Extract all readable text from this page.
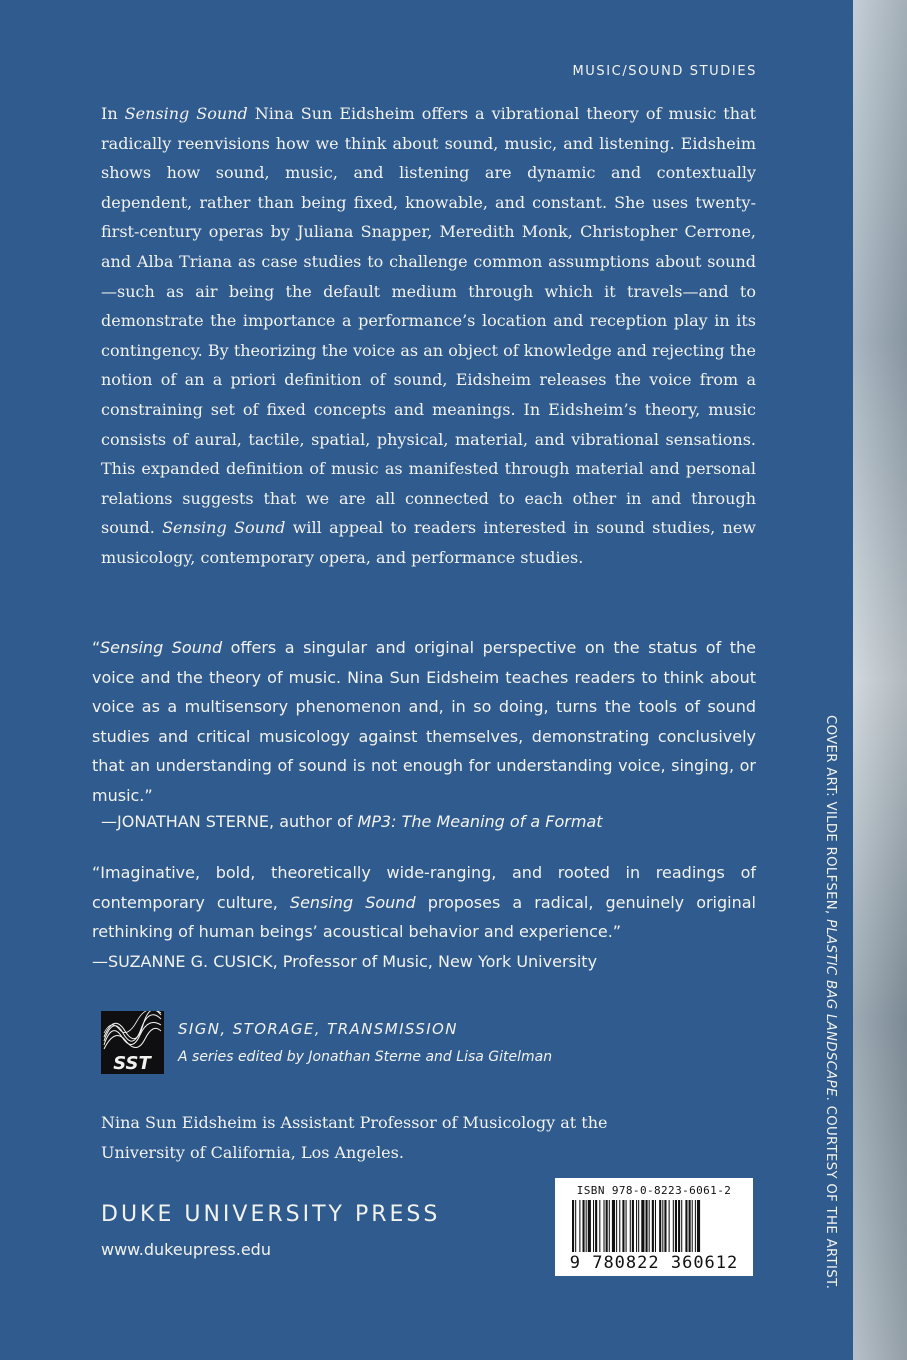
MUSIC/SOUND STUDIES

In Sensing Sound Nina Sun Eidsheim offers a vibrational theory of music that radically reenvisions how we think about sound, music, and listening. Eidsheim shows how sound, music, and listening are dynamic and contextually dependent, rather than being fixed, knowable, and constant. She uses twenty-first-century operas by Juliana Snapper, Meredith Monk, Christopher Cerrone, and Alba Triana as case studies to challenge common assumptions about sound—such as air being the default medium through which it travels—and to demonstrate the importance a performance’s location and reception play in its contingency. By theorizing the voice as an object of knowledge and rejecting the notion of an a priori definition of sound, Eidsheim releases the voice from a constraining set of fixed concepts and meanings. In Eidsheim’s theory, music consists of aural, tactile, spatial, physical, material, and vibrational sensations. This expanded definition of music as manifested through material and personal relations suggests that we are all connected to each other in and through sound. Sensing Sound will appeal to readers interested in sound studies, new musicology, contemporary opera, and performance studies.

“Sensing Sound offers a singular and original perspective on the status of the voice and the theory of music. Nina Sun Eidsheim teaches readers to think about voice as a multisensory phenomenon and, in so doing, turns the tools of sound studies and critical musicology against themselves, demonstrating conclusively that an understanding of sound is not enough for understanding voice, singing, or music.”

—JONATHAN STERNE, author of MP3: The Meaning of a Format

“Imaginative, bold, theoretically wide-ranging, and rooted in readings of contemporary culture, Sensing Sound proposes a radical, genuinely original rethinking of human beings’ acoustical behavior and experience.”

—SUZANNE G. CUSICK, Professor of Music, New York University
SST
SIGN, STORAGE, TRANSMISSION
A series edited by Jonathan Sterne and Lisa Gitelman

Nina Sun Eidsheim is Assistant Professor of Musicology at the University of California, Los Angeles.

DUKE UNIVERSITY PRESS
www.dukeupress.edu
ISBN 978-0-8223-6061-2
9 780822 360612
COVER ART: VILDE ROLFSEN, PLASTIC BAG LANDSCAPE. COURTESY OF THE ARTIST.
